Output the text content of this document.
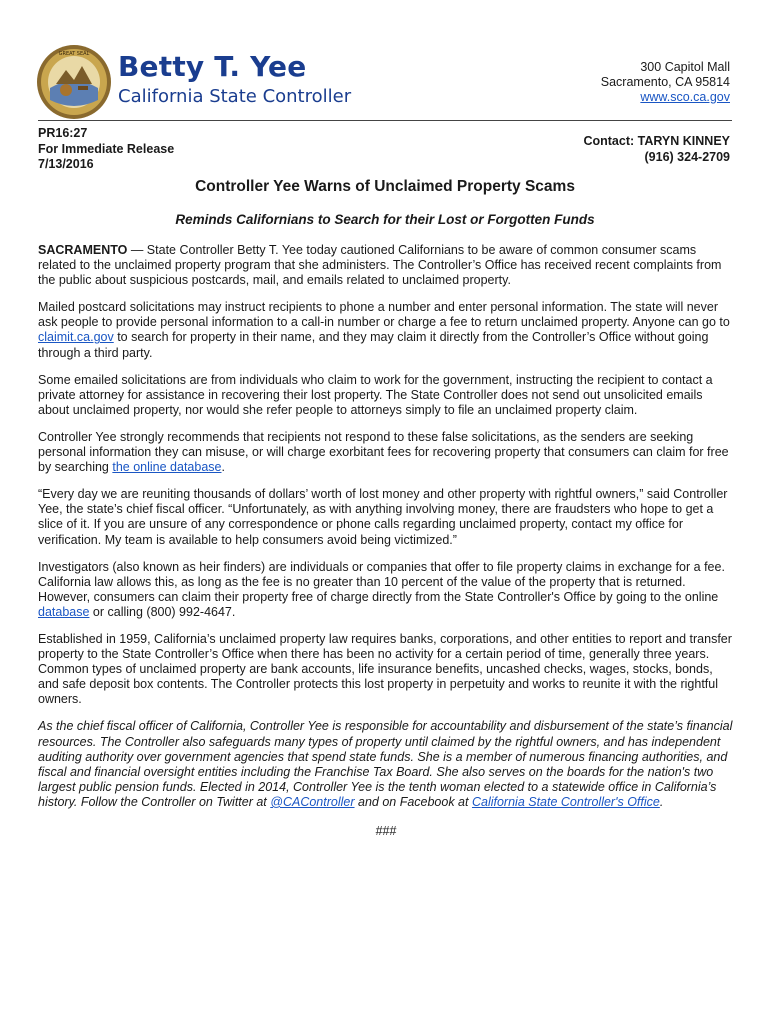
GREAT SEAL Betty T. Yee
California State Controller
300 Capitol Mall
Sacramento, CA 95814
www.sco.ca.gov
PR16:27
For Immediate Release
7/13/2016
Contact: TARYN KINNEY
(916) 324-2709
Controller Yee Warns of Unclaimed Property Scams
Reminds Californians to Search for their Lost or Forgotten Funds

SACRAMENTO — State Controller Betty T. Yee today cautioned Californians to be aware of common consumer scams related to the unclaimed property program that she administers. The Controller’s Office has received recent complaints from the public about suspicious postcards, mail, and emails related to unclaimed property.

Mailed postcard solicitations may instruct recipients to phone a number and enter personal information. The state will never ask people to provide personal information to a call-in number or charge a fee to return unclaimed property. Anyone can go to claimit.ca.gov to search for property in their name, and they may claim it directly from the Controller’s Office without going through a third party.

Some emailed solicitations are from individuals who claim to work for the government, instructing the recipient to contact a private attorney for assistance in recovering their lost property. The State Controller does not send out unsolicited emails about unclaimed property, nor would she refer people to attorneys simply to file an unclaimed property claim.

Controller Yee strongly recommends that recipients not respond to these false solicitations, as the senders are seeking personal information they can misuse, or will charge exorbitant fees for recovering property that consumers can claim for free by searching the online database.

“Every day we are reuniting thousands of dollars’ worth of lost money and other property with rightful owners,” said Controller Yee, the state’s chief fiscal officer. “Unfortunately, as with anything involving money, there are fraudsters who hope to get a slice of it. If you are unsure of any correspondence or phone calls regarding unclaimed property, contact my office for verification. My team is available to help consumers avoid being victimized.”

Investigators (also known as heir finders) are individuals or companies that offer to file property claims in exchange for a fee. California law allows this, as long as the fee is no greater than 10 percent of the value of the property that is returned. However, consumers can claim their property free of charge directly from the State Controller's Office by going to the online database or calling (800) 992-4647.

Established in 1959, California’s unclaimed property law requires banks, corporations, and other entities to report and transfer property to the State Controller’s Office when there has been no activity for a certain period of time, generally three years. Common types of unclaimed property are bank accounts, life insurance benefits, uncashed checks, wages, stocks, bonds, and safe deposit box contents. The Controller protects this lost property in perpetuity and works to reunite it with the rightful owners.

As the chief fiscal officer of California, Controller Yee is responsible for accountability and disbursement of the state’s financial resources. The Controller also safeguards many types of property until claimed by the rightful owners, and has independent auditing authority over government agencies that spend state funds. She is a member of numerous financing authorities, and fiscal and financial oversight entities including the Franchise Tax Board. She also serves on the boards for the nation's two largest public pension funds. Elected in 2014, Controller Yee is the tenth woman elected to a statewide office in California’s history. Follow the Controller on Twitter at @CAController and on Facebook at California State Controller's Office.

###
